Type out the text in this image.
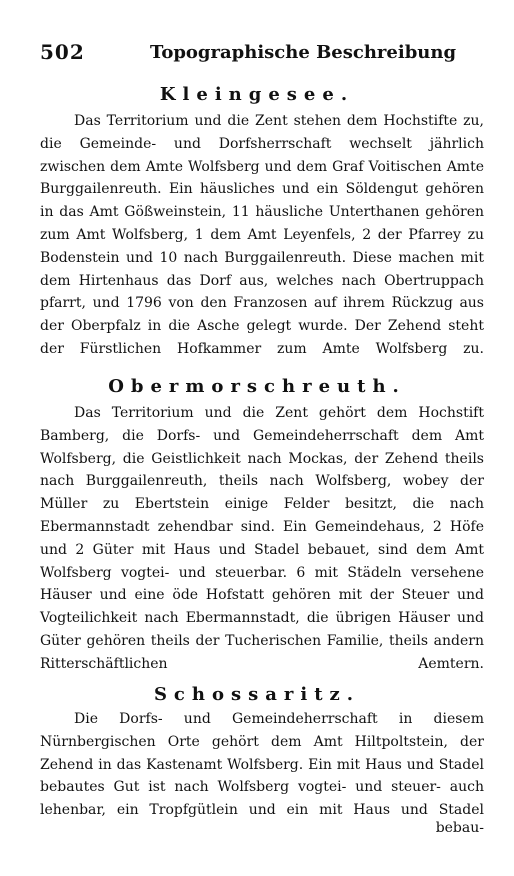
502	Topographische Beschreibung
Kleingesee.
Das Territorium und die Zent stehen dem Hochstifte zu, die Gemeinde- und Dorfsherrschaft wechselt jährlich zwischen dem Amte Wolfsberg und dem Graf Voitischen Amte Burggailenreuth. Ein häusliches und ein Söldengut gehören in das Amt Gößweinstein, 11 häusliche Unterthanen gehören zum Amt Wolfsberg, 1 dem Amt Leyenfels, 2 der Pfarrey zu Bodenstein und 10 nach Burggailenreuth. Diese machen mit dem Hirtenhaus das Dorf aus, welches nach Obertruppach pfarrt, und 1796 von den Franzosen auf ihrem Rückzug aus der Oberpfalz in die Asche gelegt wurde. Der Zehend steht der Fürstlichen Hofkammer zum Amte Wolfsberg zu.
Obermorschreuth.
Das Territorium und die Zent gehört dem Hochstift Bamberg, die Dorfs- und Gemeindeherrschaft dem Amt Wolfsberg, die Geistlichkeit nach Mockas, der Zehend theils nach Burggailenreuth, theils nach Wolfsberg, wobey der Müller zu Ebertstein einige Felder besitzt, die nach Ebermannstadt zehendbar sind. Ein Gemeindehaus, 2 Höfe und 2 Güter mit Haus und Stadel bebauet, sind dem Amt Wolfsberg vogtei- und steuerbar. 6 mit Städeln versehene Häuser und eine öde Hofstatt gehören mit der Steuer und Vogteilichkeit nach Ebermannstadt, die übrigen Häuser und Güter gehören theils der Tucherischen Familie, theils andern Ritterschäftlichen Aemtern.
Schossaritz.
Die Dorfs- und Gemeindeherrschaft in diesem Nürnbergischen Orte gehört dem Amt Hiltpoltstein, der Zehend in das Kastenamt Wolfsberg. Ein mit Haus und Stadel bebautes Gut ist nach Wolfsberg vogtei- und steuer- auch lehenbar, ein Tropfgütlein und ein mit Haus und Stadel
bebau-
